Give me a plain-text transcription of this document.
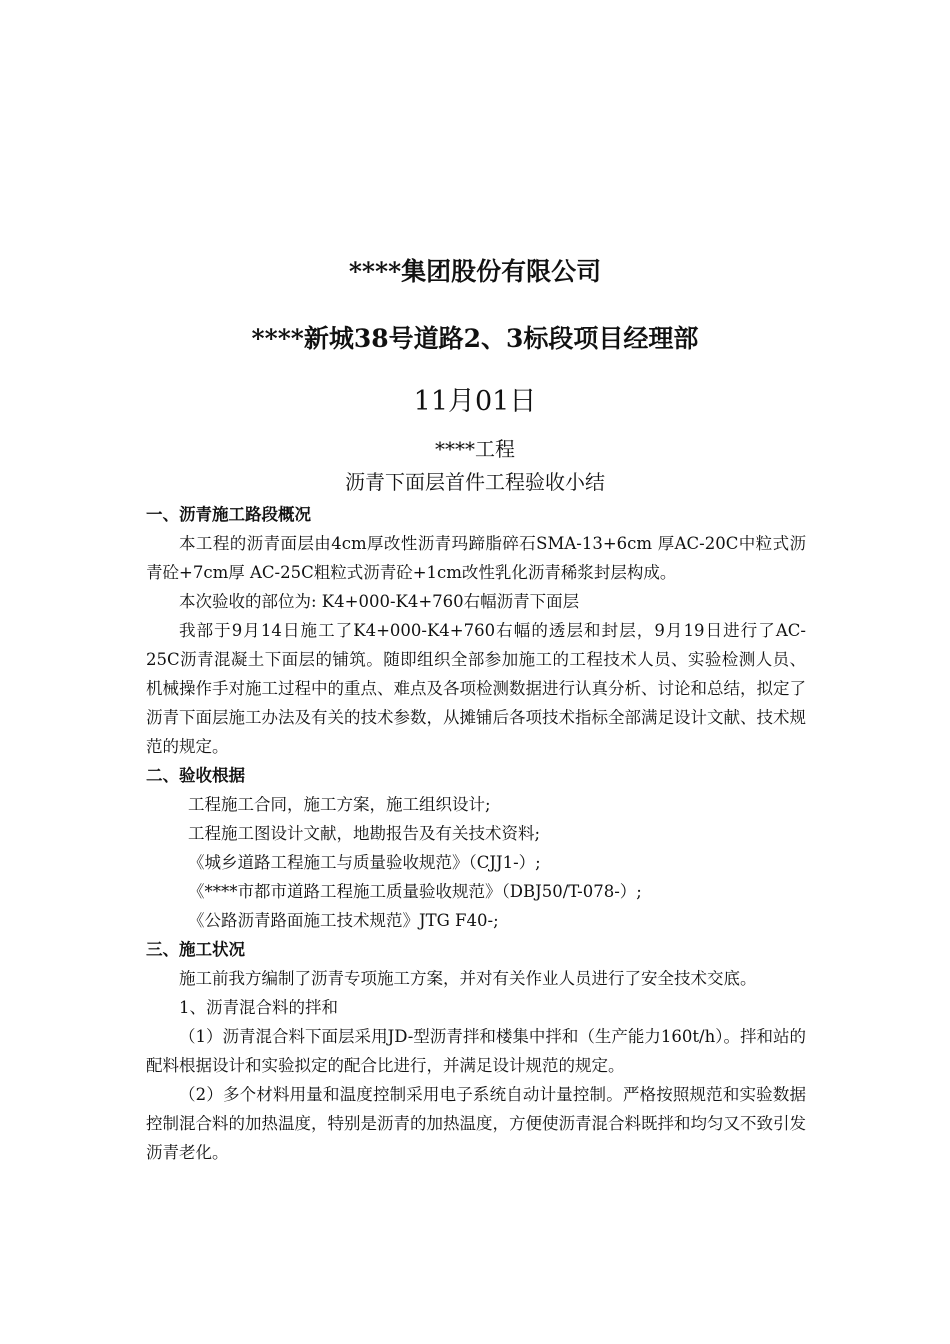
****集团股份有限公司
****新城38号道路2、3标段项目经理部
11月01日
****工程
沥青下面层首件工程验收小结
一、沥青施工路段概况
本工程的沥青面层由4cm厚改性沥青玛蹄脂碎石SMA-13+6cm 厚AC-20C中粒式沥青砼+7cm厚 AC-25C粗粒式沥青砼+1cm改性乳化沥青稀浆封层构成。
本次验收的部位为: K4+000-K4+760右幅沥青下面层
我部于9月14日施工了K4+000-K4+760右幅的透层和封层，9月19日进行了AC-25C沥青混凝土下面层的铺筑。随即组织全部参加施工的工程技术人员、实验检测人员、机械操作手对施工过程中的重点、难点及各项检测数据进行认真分析、讨论和总结，拟定了沥青下面层施工办法及有关的技术参数，从摊铺后各项技术指标全部满足设计文献、技术规范的规定。
二、验收根据
工程施工合同，施工方案，施工组织设计;
工程施工图设计文献，地勘报告及有关技术资料;
《城乡道路工程施工与质量验收规范》（CJJ1-）;
《****市都市道路工程施工质量验收规范》（DBJ50/T-078-）;
《公路沥青路面施工技术规范》JTG F40-;
三、施工状况
施工前我方编制了沥青专项施工方案，并对有关作业人员进行了安全技术交底。
1、沥青混合料的拌和
（1）沥青混合料下面层采用JD-型沥青拌和楼集中拌和（生产能力160t/h）。拌和站的配料根据设计和实验拟定的配合比进行，并满足设计规范的规定。
（2）多个材料用量和温度控制采用电子系统自动计量控制。严格按照规范和实验数据控制混合料的加热温度，特别是沥青的加热温度，方便使沥青混合料既拌和均匀又不致引发沥青老化。
